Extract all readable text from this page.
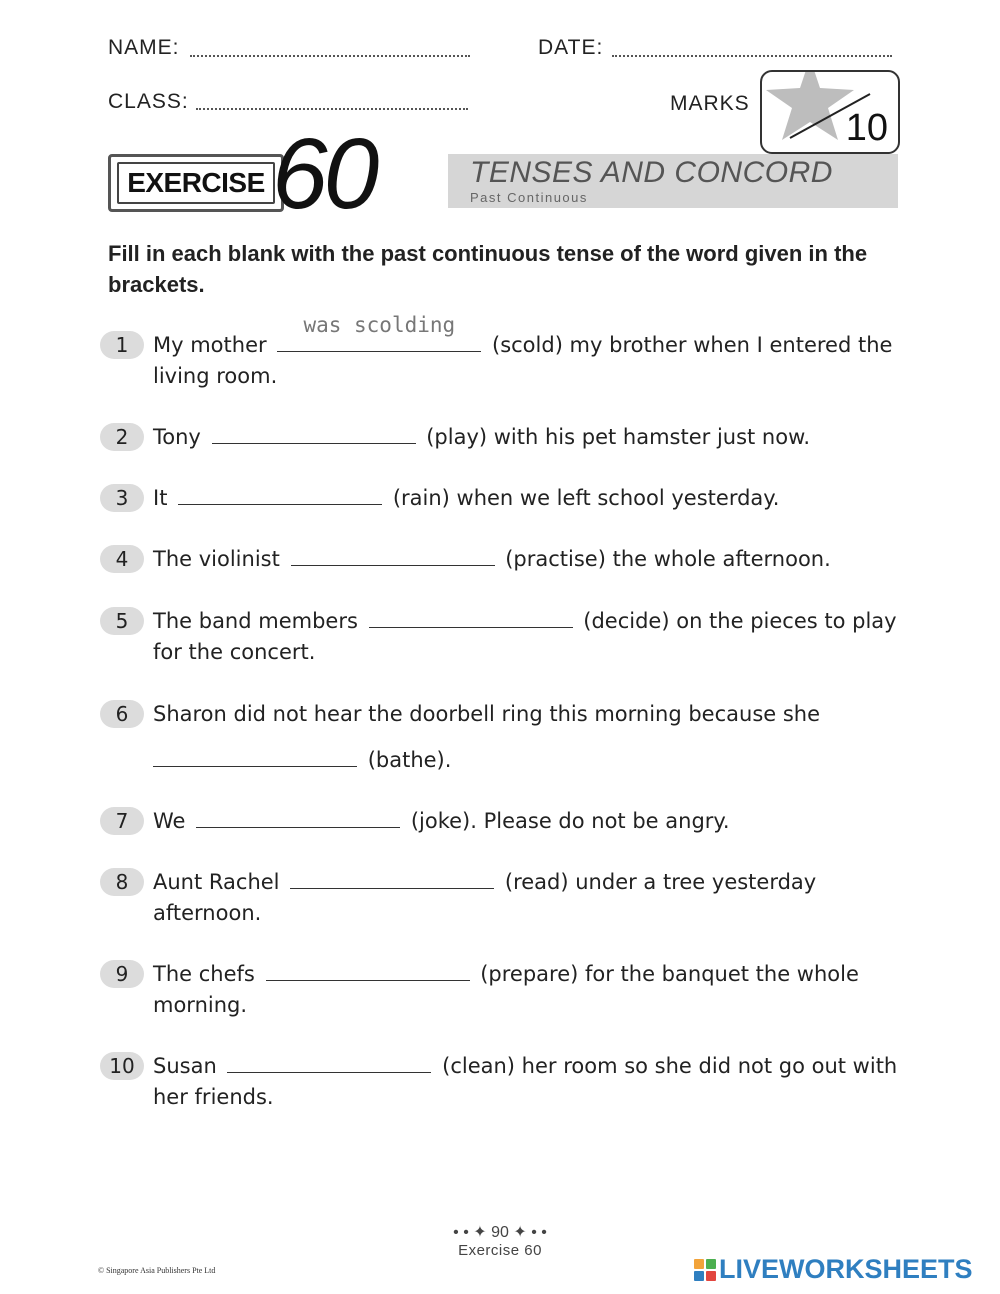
NAME:	DATE:
CLASS:	MARKS
10
EXERCISE 60	TENSES AND CONCORD
Past Continuous
Fill in each blank with the past continuous tense of the word given in the brackets.
1	My mother
was scolding	(scold) my brother when I entered the living room.
2	Tony	(play) with his pet hamster just now.
3	It	(rain) when we left school yesterday.
4	The violinist	(practise) the whole afternoon.
5	The band members	(decide) on the pieces to play for the concert.
6	Sharon did not hear the doorbell ring this morning because she
(bathe).
7	We	(joke). Please do not be angry.
8	Aunt Rachel	(read) under a tree yesterday afternoon.
9	The chefs	(prepare) for the banquet the whole morning.
10 Susan	(clean) her room so she did not go out with her friends.
• • ✦ 90 ✦ • •
Exercise 60
© Singapore Asia Publishers Pte Ltd	LIVEWORKSHEETS
